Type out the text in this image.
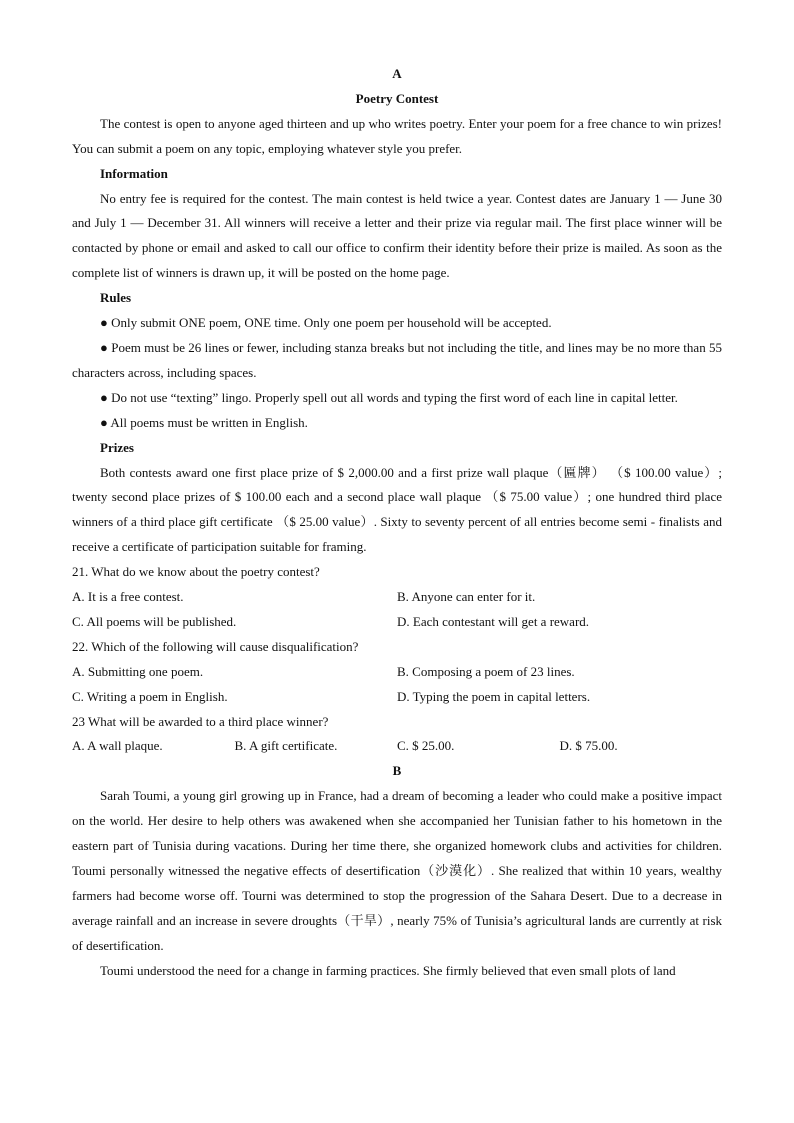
A
Poetry Contest

The contest is open to anyone aged thirteen and up who writes poetry. Enter your poem for a free chance to win prizes! You can submit a poem on any topic, employing whatever style you prefer.

Information

No entry fee is required for the contest. The main contest is held twice a year. Contest dates are January 1 — June 30 and July 1 — December 31. All winners will receive a letter and their prize via regular mail. The first place winner will be contacted by phone or email and asked to call our office to confirm their identity before their prize is mailed. As soon as the complete list of winners is drawn up, it will be posted on the home page.

Rules

● Only submit ONE poem, ONE time. Only one poem per household will be accepted.

● Poem must be 26 lines or fewer, including stanza breaks but not including the title, and lines may be no more than 55 characters across, including spaces.

● Do not use “texting” lingo. Properly spell out all words and typing the first word of each line in capital letter.

● All poems must be written in English.

Prizes

Both contests award one first place prize of $ 2,000.00 and a first prize wall plaque（匾牌） （$ 100.00 value）; twenty second place prizes of $ 100.00 each and a second place wall plaque （$ 75.00 value）; one hundred third place winners of a third place gift certificate （$ 25.00 value）. Sixty to seventy percent of all entries become semi - finalists and receive a certificate of participation suitable for framing.

21. What do we know about the poetry contest?
A. It is a free contest.	B. Anyone can enter for it.
C. All poems will be published.	D. Each contestant will get a reward.
22. Which of the following will cause disqualification?
A. Submitting one poem.	B. Composing a poem of 23 lines.
C. Writing a poem in English.	D. Typing the poem in capital letters.
23 What will be awarded to a third place winner?
A. A wall plaque.	B. A gift certificate.	C. $ 25.00.	D. $ 75.00.
B

Sarah Toumi, a young girl growing up in France, had a dream of becoming a leader who could make a positive impact on the world. Her desire to help others was awakened when she accompanied her Tunisian father to his hometown in the eastern part of Tunisia during vacations. During her time there, she organized homework clubs and activities for children. Toumi personally witnessed the negative effects of desertification（沙漠化）. She realized that within 10 years, wealthy farmers had become worse off. Tourni was determined to stop the progression of the Sahara Desert. Due to a decrease in average rainfall and an increase in severe droughts（干旱）, nearly 75% of Tunisia’s agricultural lands are currently at risk of desertification.

Toumi understood the need for a change in farming practices. She firmly believed that even small plots of land
